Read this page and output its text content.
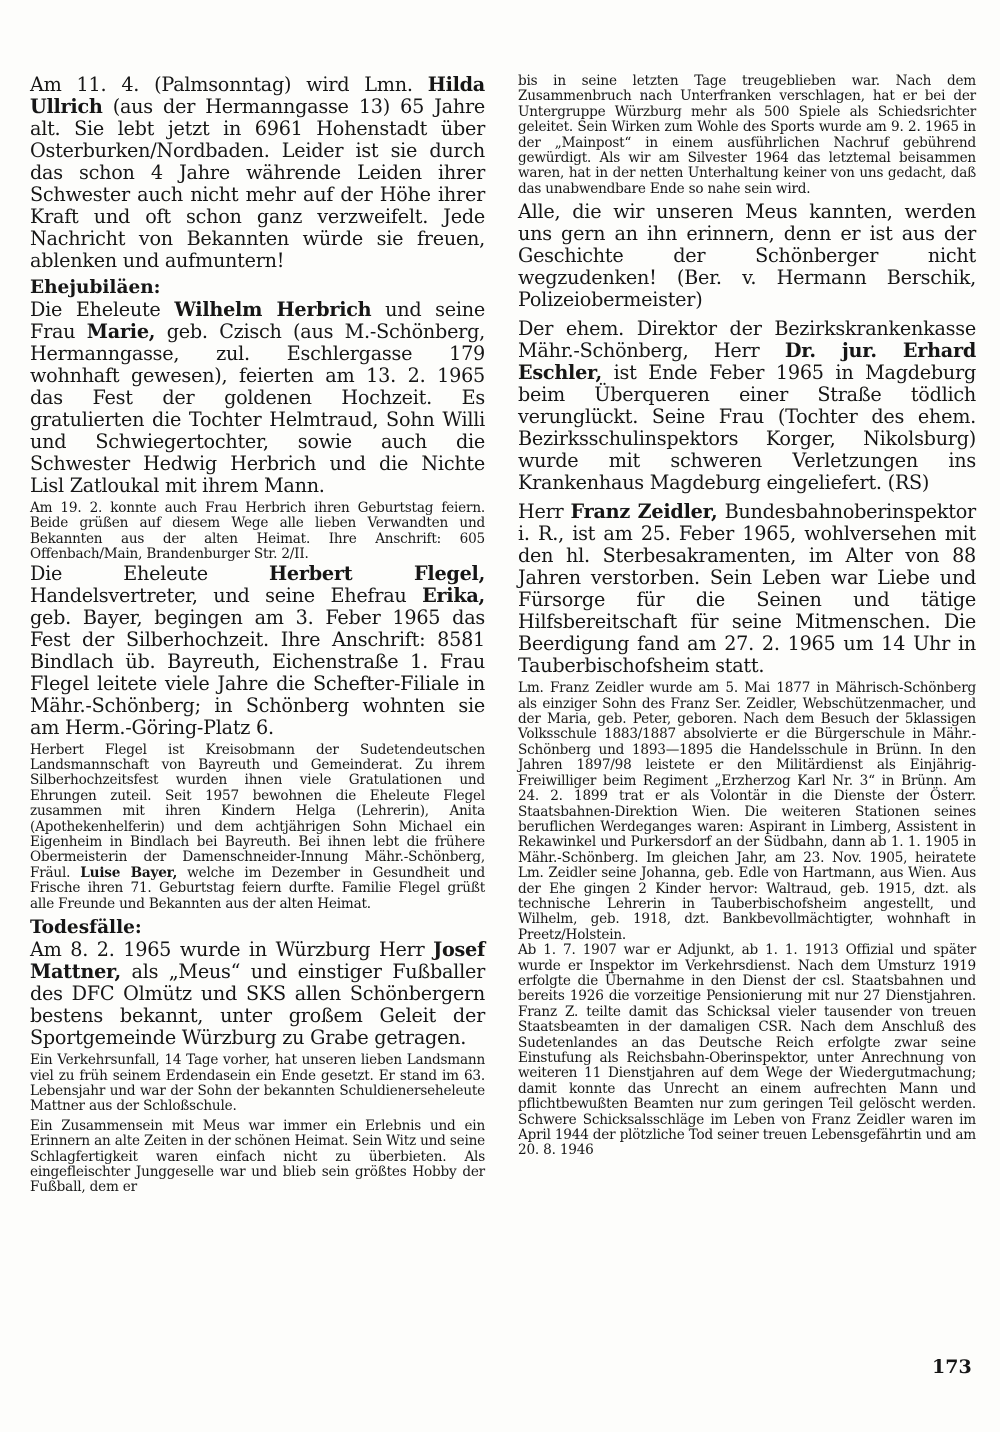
Am 11. 4. (Palmsonntag) wird Lmn. Hilda Ullrich (aus der Hermanngasse 13) 65 Jahre alt. Sie lebt jetzt in 6961 Hohenstadt über Osterburken/Nordbaden. Leider ist sie durch das schon 4 Jahre währende Leiden ihrer Schwester auch nicht mehr auf der Höhe ihrer Kraft und oft schon ganz verzweifelt. Jede Nachricht von Bekannten würde sie freuen, ablenken und aufmuntern!

Ehejubiläen:

Die Eheleute Wilhelm Herbrich und seine Frau Marie, geb. Czisch (aus M.-Schönberg, Hermanngasse, zul. Eschlergasse 179 wohnhaft gewesen), feierten am 13. 2. 1965 das Fest der goldenen Hochzeit. Es gratulierten die Tochter Helmtraud, Sohn Willi und Schwiegertochter, sowie auch die Schwester Hedwig Herbrich und die Nichte Lisl Zatloukal mit ihrem Mann.

Am 19. 2. konnte auch Frau Herbrich ihren Geburtstag feiern. Beide grüßen auf diesem Wege alle lieben Verwandten und Bekannten aus der alten Heimat. Ihre Anschrift: 605 Offenbach/Main, Brandenburger Str. 2/II.

Die Eheleute Herbert Flegel, Handelsvertreter, und seine Ehefrau Erika, geb. Bayer, begingen am 3. Feber 1965 das Fest der Silberhochzeit. Ihre Anschrift: 8581 Bindlach üb. Bayreuth, Eichenstraße 1. Frau Flegel leitete viele Jahre die Schefter-Filiale in Mähr.-Schönberg; in Schönberg wohnten sie am Herm.-Göring-Platz 6.

Herbert Flegel ist Kreisobmann der Sudetendeutschen Landsmannschaft von Bayreuth und Gemeinderat. Zu ihrem Silberhochzeitsfest wurden ihnen viele Gratulationen und Ehrungen zuteil. Seit 1957 bewohnen die Eheleute Flegel zusammen mit ihren Kindern Helga (Lehrerin), Anita (Apothekenhelferin) und dem achtjährigen Sohn Michael ein Eigenheim in Bindlach bei Bayreuth. Bei ihnen lebt die frühere Obermeisterin der Damenschneider-Innung Mähr.-Schönberg, Fräul. Luise Bayer, welche im Dezember in Gesundheit und Frische ihren 71. Geburtstag feiern durfte. Familie Flegel grüßt alle Freunde und Bekannten aus der alten Heimat.

Todesfälle:

Am 8. 2. 1965 wurde in Würzburg Herr Josef Mattner, als „Meus“ und einstiger Fußballer des DFC Olmütz und SKS allen Schönbergern bestens bekannt, unter großem Geleit der Sportgemeinde Würzburg zu Grabe getragen.

Ein Verkehrsunfall, 14 Tage vorher, hat unseren lieben Landsmann viel zu früh seinem Erdendasein ein Ende gesetzt. Er stand im 63. Lebensjahr und war der Sohn der bekannten Schuldienerseheleute Mattner aus der Schloßschule.

Ein Zusammensein mit Meus war immer ein Erlebnis und ein Erinnern an alte Zeiten in der schönen Heimat. Sein Witz und seine Schlagfertigkeit waren einfach nicht zu überbieten. Als eingefleischter Junggeselle war und blieb sein größtes Hobby der Fußball, dem er

bis in seine letzten Tage treugeblieben war. Nach dem Zusammenbruch nach Unterfranken verschlagen, hat er bei der Untergruppe Würzburg mehr als 500 Spiele als Schiedsrichter geleitet. Sein Wirken zum Wohle des Sports wurde am 9. 2. 1965 in der „Mainpost“ in einem ausführlichen Nachruf gebührend gewürdigt. Als wir am Silvester 1964 das letztemal beisammen waren, hat in der netten Unterhaltung keiner von uns gedacht, daß das unabwendbare Ende so nahe sein wird.

Alle, die wir unseren Meus kannten, werden uns gern an ihn erinnern, denn er ist aus der Geschichte der Schönberger nicht wegzudenken! (Ber. v. Hermann Berschik, Polizeiobermeister)

Der ehem. Direktor der Bezirkskrankenkasse Mähr.-Schönberg, Herr Dr. jur. Erhard Eschler, ist Ende Feber 1965 in Magdeburg beim Überqueren einer Straße tödlich verunglückt. Seine Frau (Tochter des ehem. Bezirksschulinspektors Korger, Nikolsburg) wurde mit schweren Verletzungen ins Krankenhaus Magdeburg eingeliefert. (RS)

Herr Franz Zeidler, Bundesbahnoberinspektor i. R., ist am 25. Feber 1965, wohlversehen mit den hl. Sterbesakramenten, im Alter von 88 Jahren verstorben. Sein Leben war Liebe und Fürsorge für die Seinen und tätige Hilfsbereitschaft für seine Mitmenschen. Die Beerdigung fand am 27. 2. 1965 um 14 Uhr in Tauberbischofsheim statt.

Lm. Franz Zeidler wurde am 5. Mai 1877 in Mährisch-Schönberg als einziger Sohn des Franz Ser. Zeidler, Webschützenmacher, und der Maria, geb. Peter, geboren. Nach dem Besuch der 5klassigen Volksschule 1883/1887 absolvierte er die Bürgerschule in Mähr.-Schönberg und 1893—1895 die Handelsschule in Brünn. In den Jahren 1897/98 leistete er den Militärdienst als Einjährig-Freiwilliger beim Regiment „Erzherzog Karl Nr. 3“ in Brünn. Am 24. 2. 1899 trat er als Volontär in die Dienste der Österr. Staatsbahnen-Direktion Wien. Die weiteren Stationen seines beruflichen Werdeganges waren: Aspirant in Limberg, Assistent in Rekawinkel und Purkersdorf an der Südbahn, dann ab 1. 1. 1905 in Mähr.-Schönberg. Im gleichen Jahr, am 23. Nov. 1905, heiratete Lm. Zeidler seine Johanna, geb. Edle von Hartmann, aus Wien. Aus der Ehe gingen 2 Kinder hervor: Waltraud, geb. 1915, dzt. als technische Lehrerin in Tauberbischofsheim angestellt, und Wilhelm, geb. 1918, dzt. Bankbevollmächtigter, wohnhaft in Preetz/Holstein.

Ab 1. 7. 1907 war er Adjunkt, ab 1. 1. 1913 Offizial und später wurde er Inspektor im Verkehrsdienst. Nach dem Umsturz 1919 erfolgte die Übernahme in den Dienst der csl. Staatsbahnen und bereits 1926 die vorzeitige Pensionierung mit nur 27 Dienstjahren. Franz Z. teilte damit das Schicksal vieler tausender von treuen Staatsbeamten in der damaligen CSR. Nach dem Anschluß des Sudetenlandes an das Deutsche Reich erfolgte zwar seine Einstufung als Reichsbahn-Oberinspektor, unter Anrechnung von weiteren 11 Dienstjahren auf dem Wege der Wiedergutmachung; damit konnte das Unrecht an einem aufrechten Mann und pflichtbewußten Beamten nur zum geringen Teil gelöscht werden. Schwere Schicksalsschläge im Leben von Franz Zeidler waren im April 1944 der plötzliche Tod seiner treuen Lebensgefährtin und am 20. 8. 1946

173
